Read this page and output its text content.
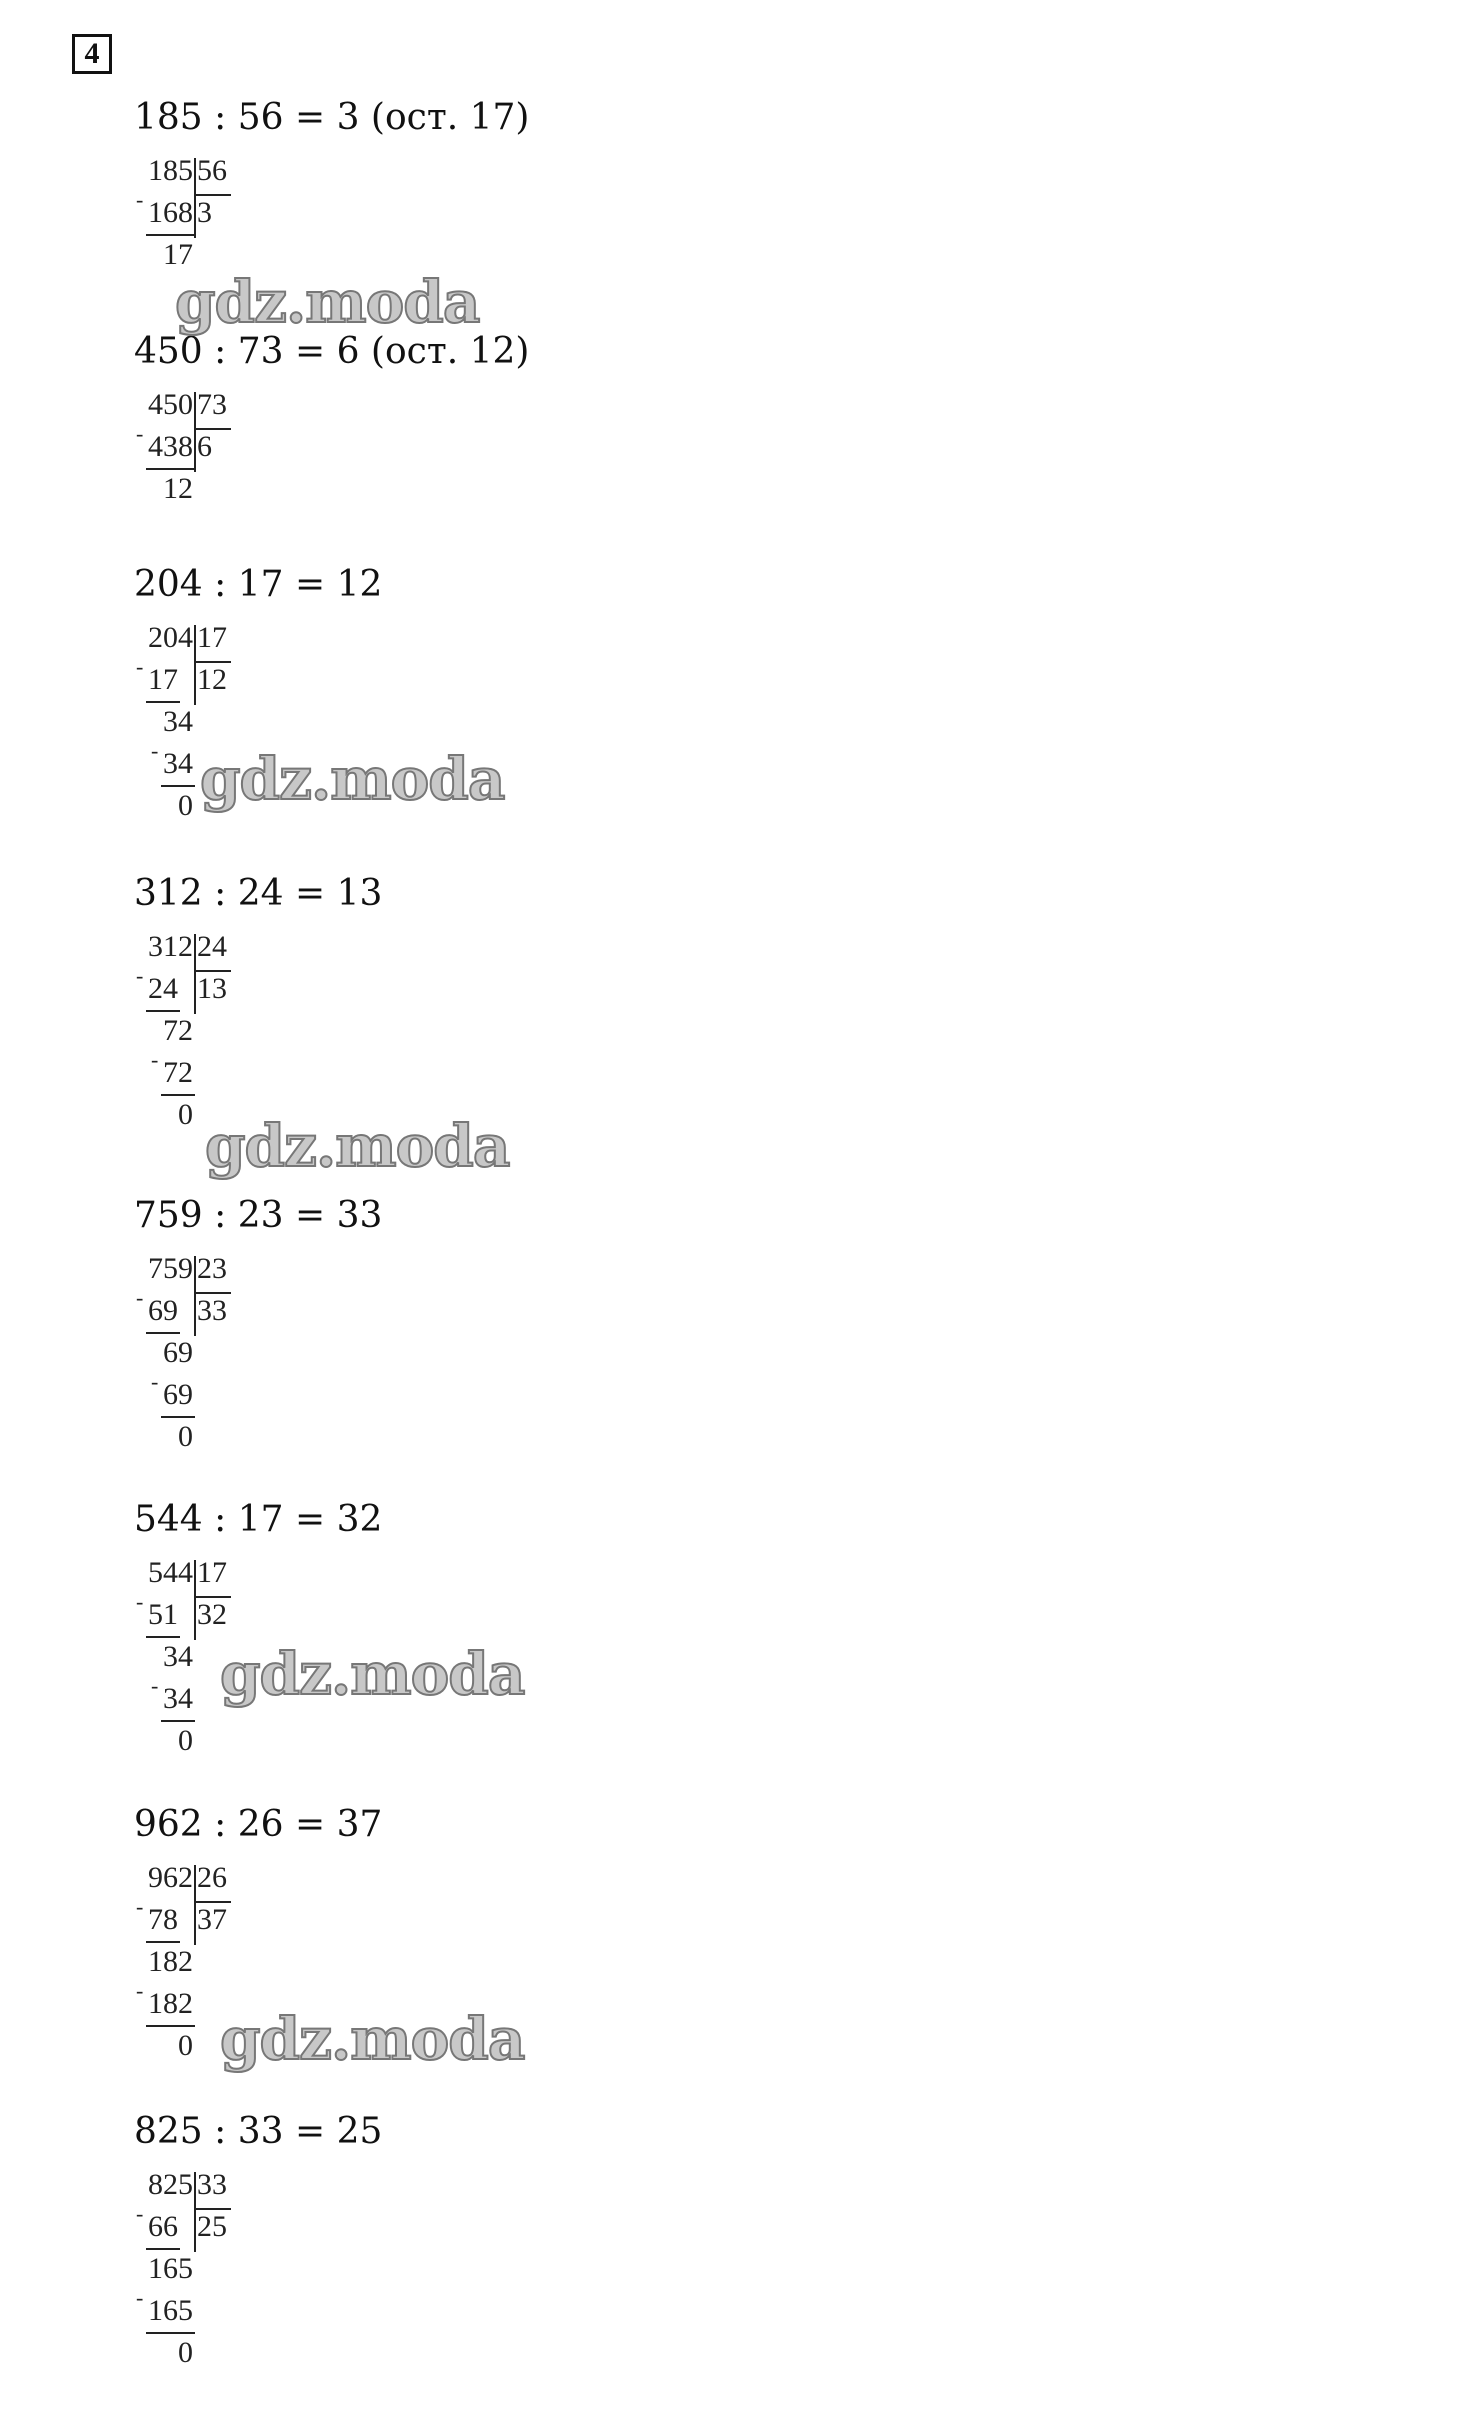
4

185 : 56 = 3 (ост. 17)

185 56
3
- 168
17

450 : 73 = 6 (ост. 12)

450 73
6
- 438
12

204 : 17 = 12

204 17
12
- 17
34
- 34
0

312 : 24 = 13

312 24
13
- 24
72
- 72
0

759 : 23 = 33

759 23
33
- 69
69
- 69
0

544 : 17 = 32

544 17
32
- 51
34
- 34
0

962 : 26 = 37

962 26
37
- 78
182
- 182
0

825 : 33 = 25

825 33
25
- 66
165
- 165
0
gdz.moda
gdz.moda
gdz.moda
gdz.moda
gdz.moda
